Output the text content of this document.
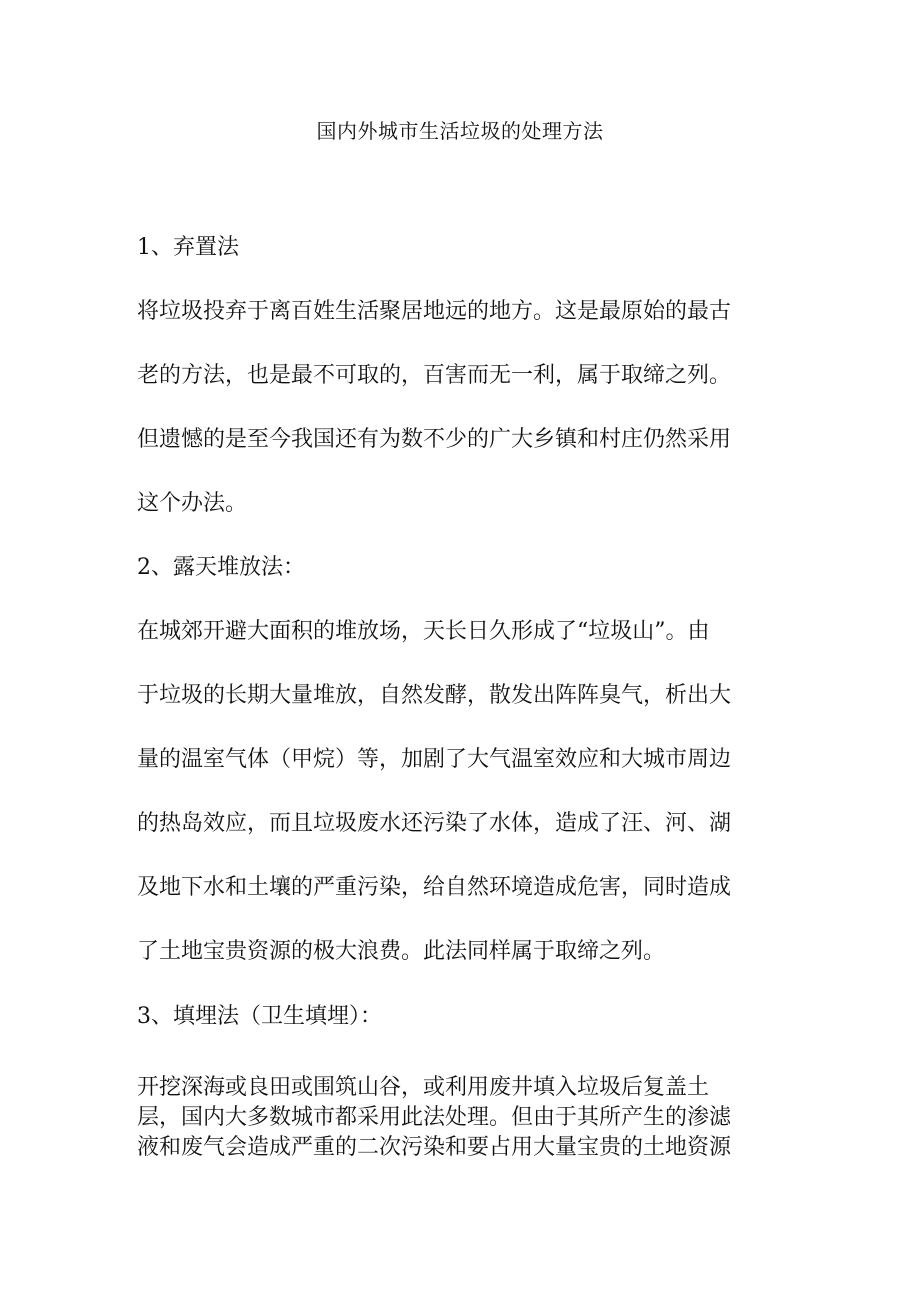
国内外城市生活垃圾的处理方法
1、弃置法
将垃圾投弃于离百姓生活聚居地远的地方。这是最原始的最古
老的方法，也是最不可取的，百害而无一利，属于取缔之列。
但遗憾的是至今我国还有为数不少的广大乡镇和村庄仍然采用
这个办法。
2、露天堆放法：
在城郊开避大面积的堆放场，天长日久形成了“垃圾山”。由
于垃圾的长期大量堆放，自然发酵，散发出阵阵臭气，析出大
量的温室气体（甲烷）等，加剧了大气温室效应和大城市周边
的热岛效应，而且垃圾废水还污染了水体，造成了汪、河、湖
及地下水和土壤的严重污染，给自然环境造成危害，同时造成
了土地宝贵资源的极大浪费。此法同样属于取缔之列。
3、填埋法（卫生填埋）：
开挖深海或良田或围筑山谷，或利用废井填入垃圾后复盖土
层，国内大多数城市都采用此法处理。但由于其所产生的渗滤
液和废气会造成严重的二次污染和要占用大量宝贵的土地资源
